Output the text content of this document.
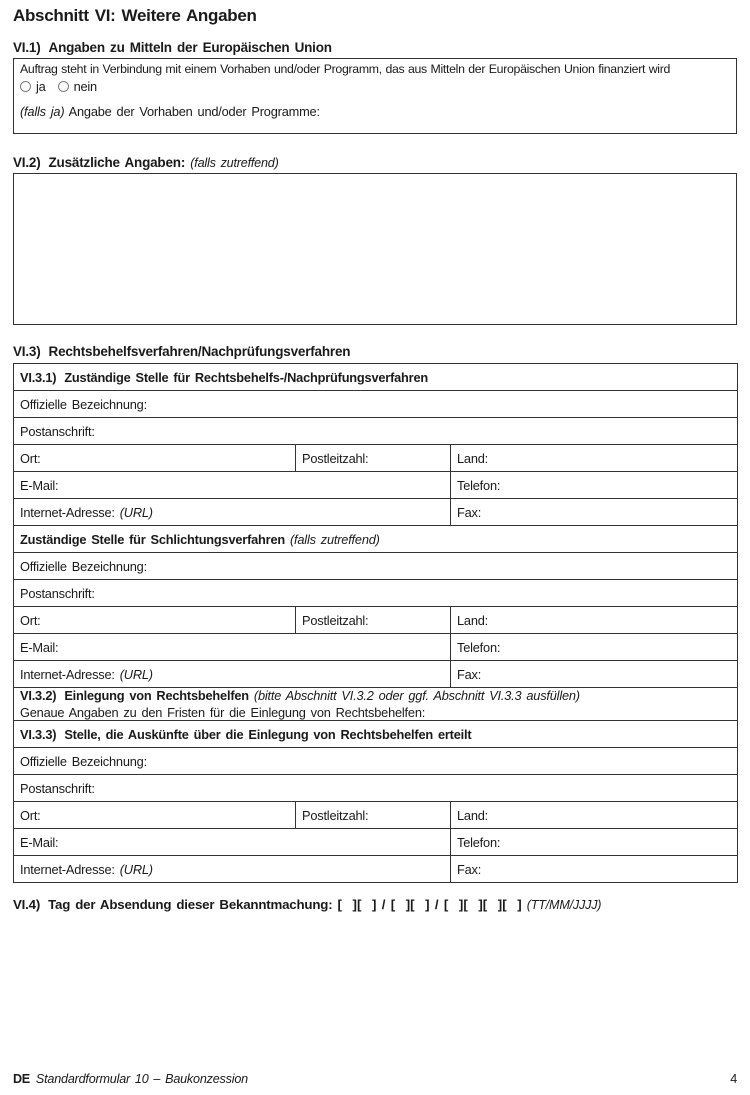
Abschnitt VI: Weitere Angaben
VI.1) Angaben zu Mitteln der Europäischen Union
Auftrag steht in Verbindung mit einem Vorhaben und/oder Programm, das aus Mitteln der Europäischen Union finanziert wird
ja nein
(falls ja) Angabe der Vorhaben und/oder Programme:
VI.2) Zusätzliche Angaben: (falls zutreffend)
VI.3) Rechtsbehelfsverfahren/Nachprüfungsverfahren
VI.3.1) Zuständige Stelle für Rechtsbehelfs-/Nachprüfungsverfahren		
Offizielle Bezeichnung:		
Postanschrift:		
Ort:	Postleitzahl:	Land:
E-Mail:		Telefon:
Internet-Adresse: (URL)		Fax:
Zuständige Stelle für Schlichtungsverfahren (falls zutreffend)		
Offizielle Bezeichnung:		
Postanschrift:		
Ort:	Postleitzahl:	Land:
E-Mail:		Telefon:
Internet-Adresse: (URL)		Fax:

VI.3.2) Einlegung von Rechtsbehelfen (bitte Abschnitt VI.3.2 oder ggf. Abschnitt VI.3.3 ausfüllen)
Genaue Angaben zu den Fristen für die Einlegung von Rechtsbehelfen:		

VI.3.3) Stelle, die Auskünfte über die Einlegung von Rechtsbehelfen erteilt		
Offizielle Bezeichnung:		
Postanschrift:		
Ort:	Postleitzahl:	Land:
E-Mail:		Telefon:
Internet-Adresse: (URL)		Fax:
VI.4) Tag der Absendung dieser Bekanntmachung: [  ][  ] / [  ][  ] / [  ][  ][  ][  ] (TT/MM/JJJJ)
DE Standardformular 10 – Baukonzession	4
